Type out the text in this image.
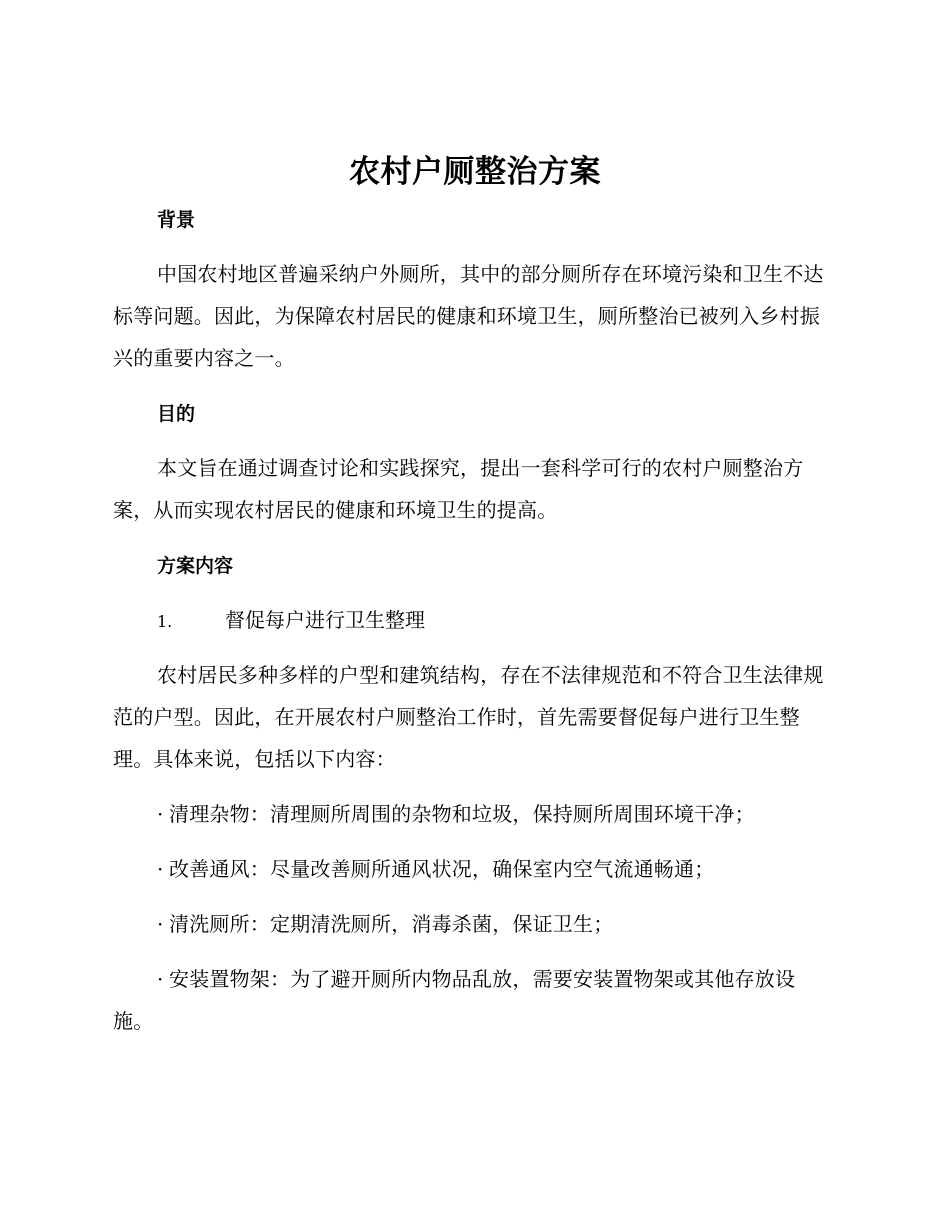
农村户厕整治方案
背景
中国农村地区普遍采纳户外厕所，其中的部分厕所存在环境污染和卫生不达标等问题。因此，为保障农村居民的健康和环境卫生，厕所整治已被列入乡村振兴的重要内容之一。
目的
本文旨在通过调查讨论和实践探究，提出一套科学可行的农村户厕整治方案，从而实现农村居民的健康和环境卫生的提高。
方案内容
1.	督促每户进行卫生整理
农村居民多种多样的户型和建筑结构，存在不法律规范和不符合卫生法律规范的户型。因此，在开展农村户厕整治工作时，首先需要督促每户进行卫生整理。具体来说，包括以下内容：
· 清理杂物：清理厕所周围的杂物和垃圾，保持厕所周围环境干净；
· 改善通风：尽量改善厕所通风状况，确保室内空气流通畅通；
· 清洗厕所：定期清洗厕所，消毒杀菌，保证卫生；
· 安装置物架：为了避开厕所内物品乱放，需要安装置物架或其他存放设施。
